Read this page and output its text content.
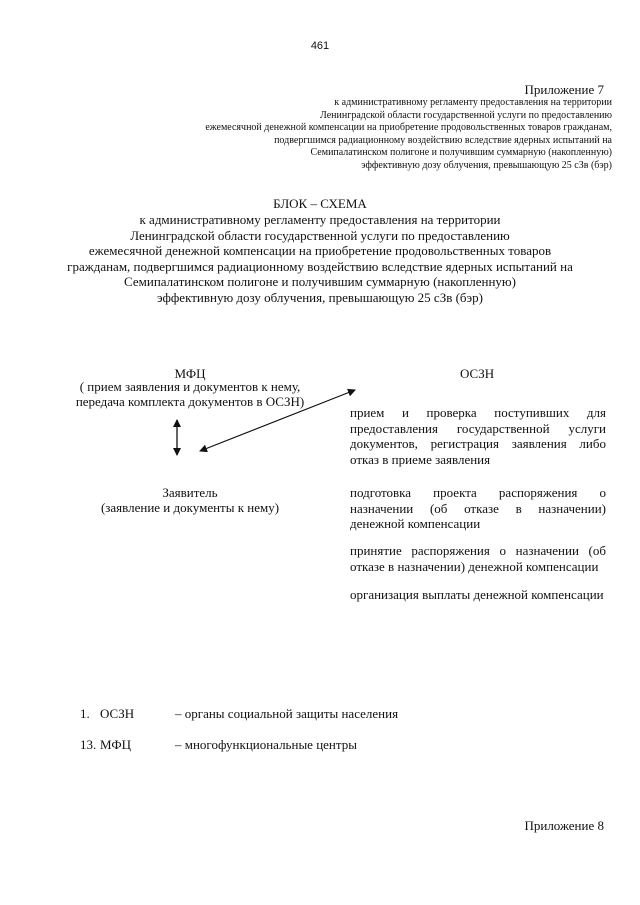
461
Приложение 7
к административному регламенту предоставления на территории
Ленинградской области государственной услуги по предоставлению
ежемесячной денежной компенсации на приобретение продовольственных товаров гражданам,
подвергшимся радиационному воздействию вследствие ядерных испытаний на
Семипалатинском полигоне и получившим суммарную (накопленную)
эффективную дозу облучения, превышающую 25 сЗв (бэр)
БЛОК – СХЕМА
к административному регламенту предоставления на территории
Ленинградской области государственной услуги по предоставлению
ежемесячной денежной компенсации на приобретение продовольственных товаров
гражданам, подвергшимся радиационному воздействию вследствие ядерных испытаний на
Семипалатинском полигоне и получившим суммарную (накопленную)
эффективную дозу облучения, превышающую 25 сЗв (бэр)
МФЦ
( прием заявления и документов к нему,
передача комплекта документов в ОСЗН)
ОСЗН
Заявитель
(заявление и документы к нему)
прием и проверка поступивших для предоставления государственной услуги документов, регистрация заявления либо отказ в приеме заявления
подготовка проекта распоряжения о назначении (об отказе в назначении) денежной компенсации
принятие распоряжения о назначении (об отказе в назначении) денежной компенсации
организация выплаты денежной компенсации
1. ОСЗН	– органы социальной защиты населения
13. МФЦ	– многофункциональные центры
Приложение 8
